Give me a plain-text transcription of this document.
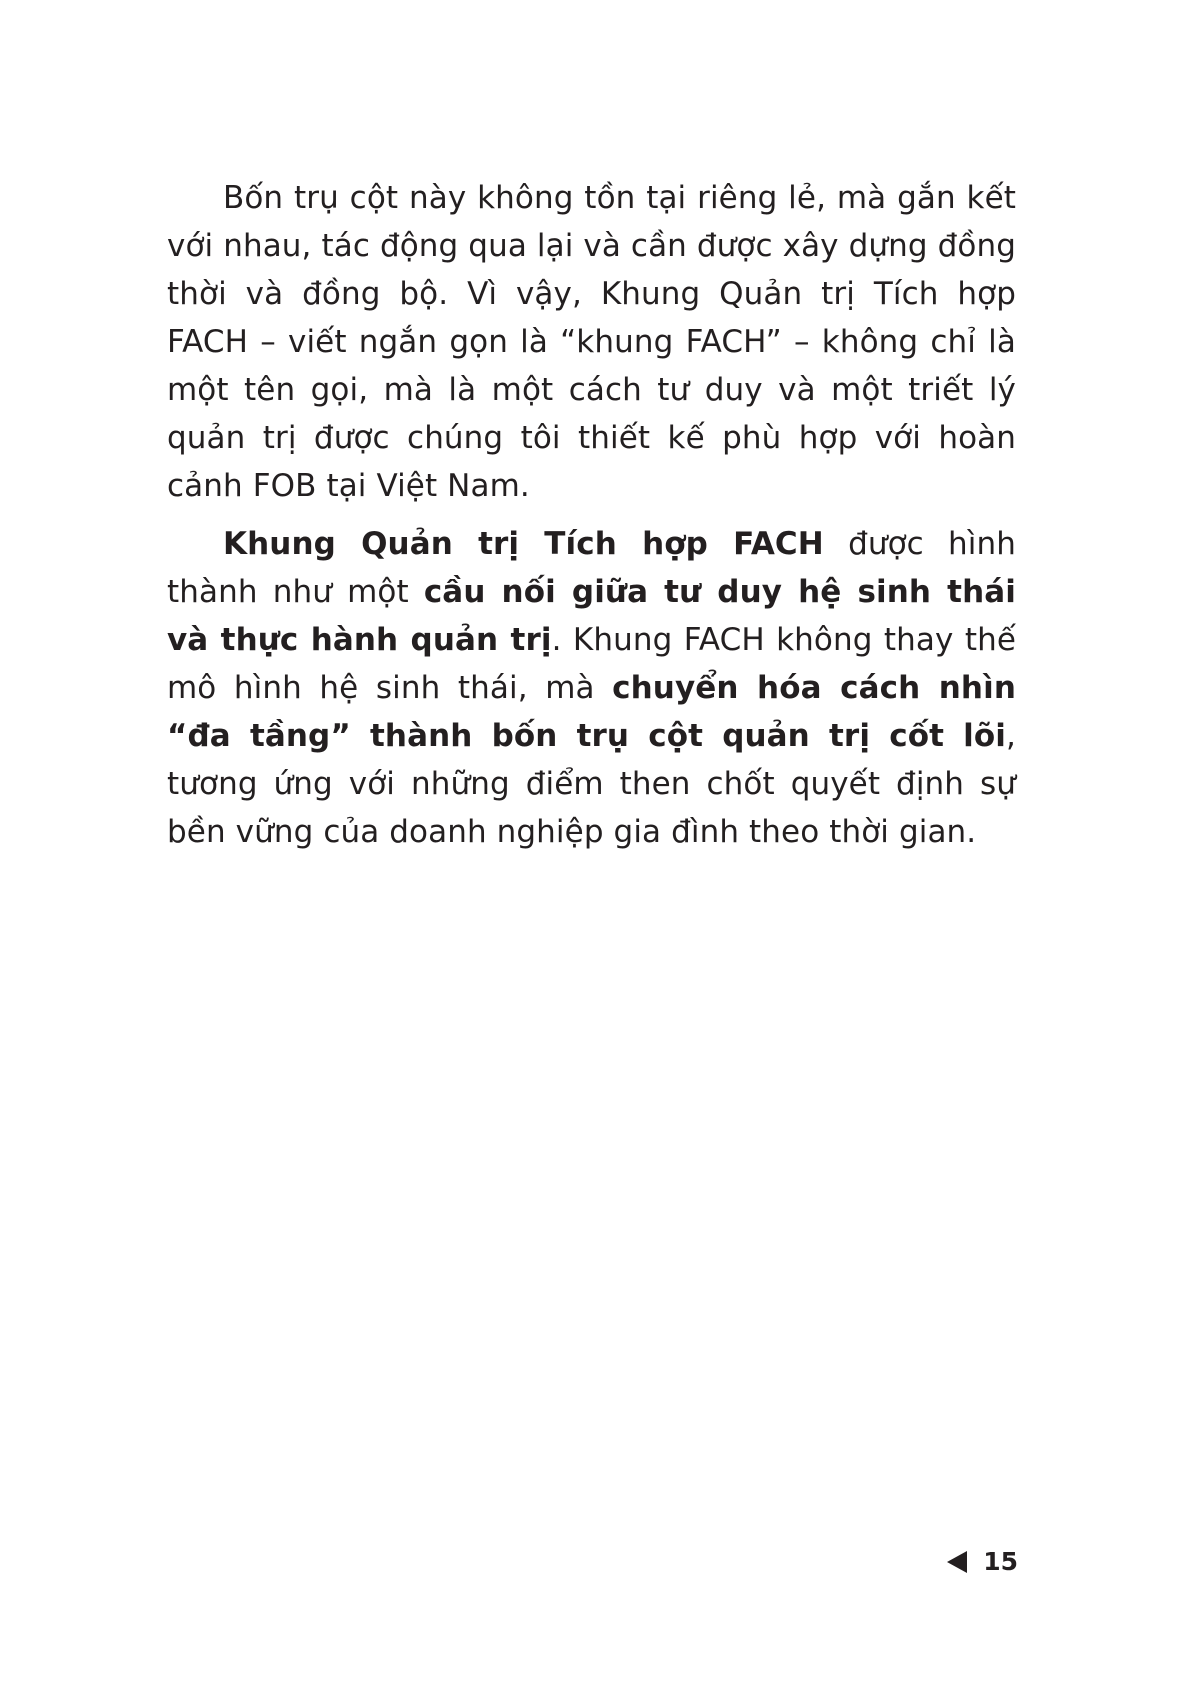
Bốn trụ cột này không tồn tại riêng lẻ, mà gắn kết với nhau, tác động qua lại và cần được xây dựng đồng thời và đồng bộ. Vì vậy, Khung Quản trị Tích hợp FACH – viết ngắn gọn là “khung FACH” – không chỉ là một tên gọi, mà là một cách tư duy và một triết lý quản trị được chúng tôi thiết kế phù hợp với hoàn cảnh FOB tại Việt Nam.

Khung Quản trị Tích hợp FACH được hình thành như một cầu nối giữa tư duy hệ sinh thái và thực hành quản trị. Khung FACH không thay thế mô hình hệ sinh thái, mà chuyển hóa cách nhìn “đa tầng” thành bốn trụ cột quản trị cốt lõi, tương ứng với những điểm then chốt quyết định sự bền vững của doanh nghiệp gia đình theo thời gian.

15
